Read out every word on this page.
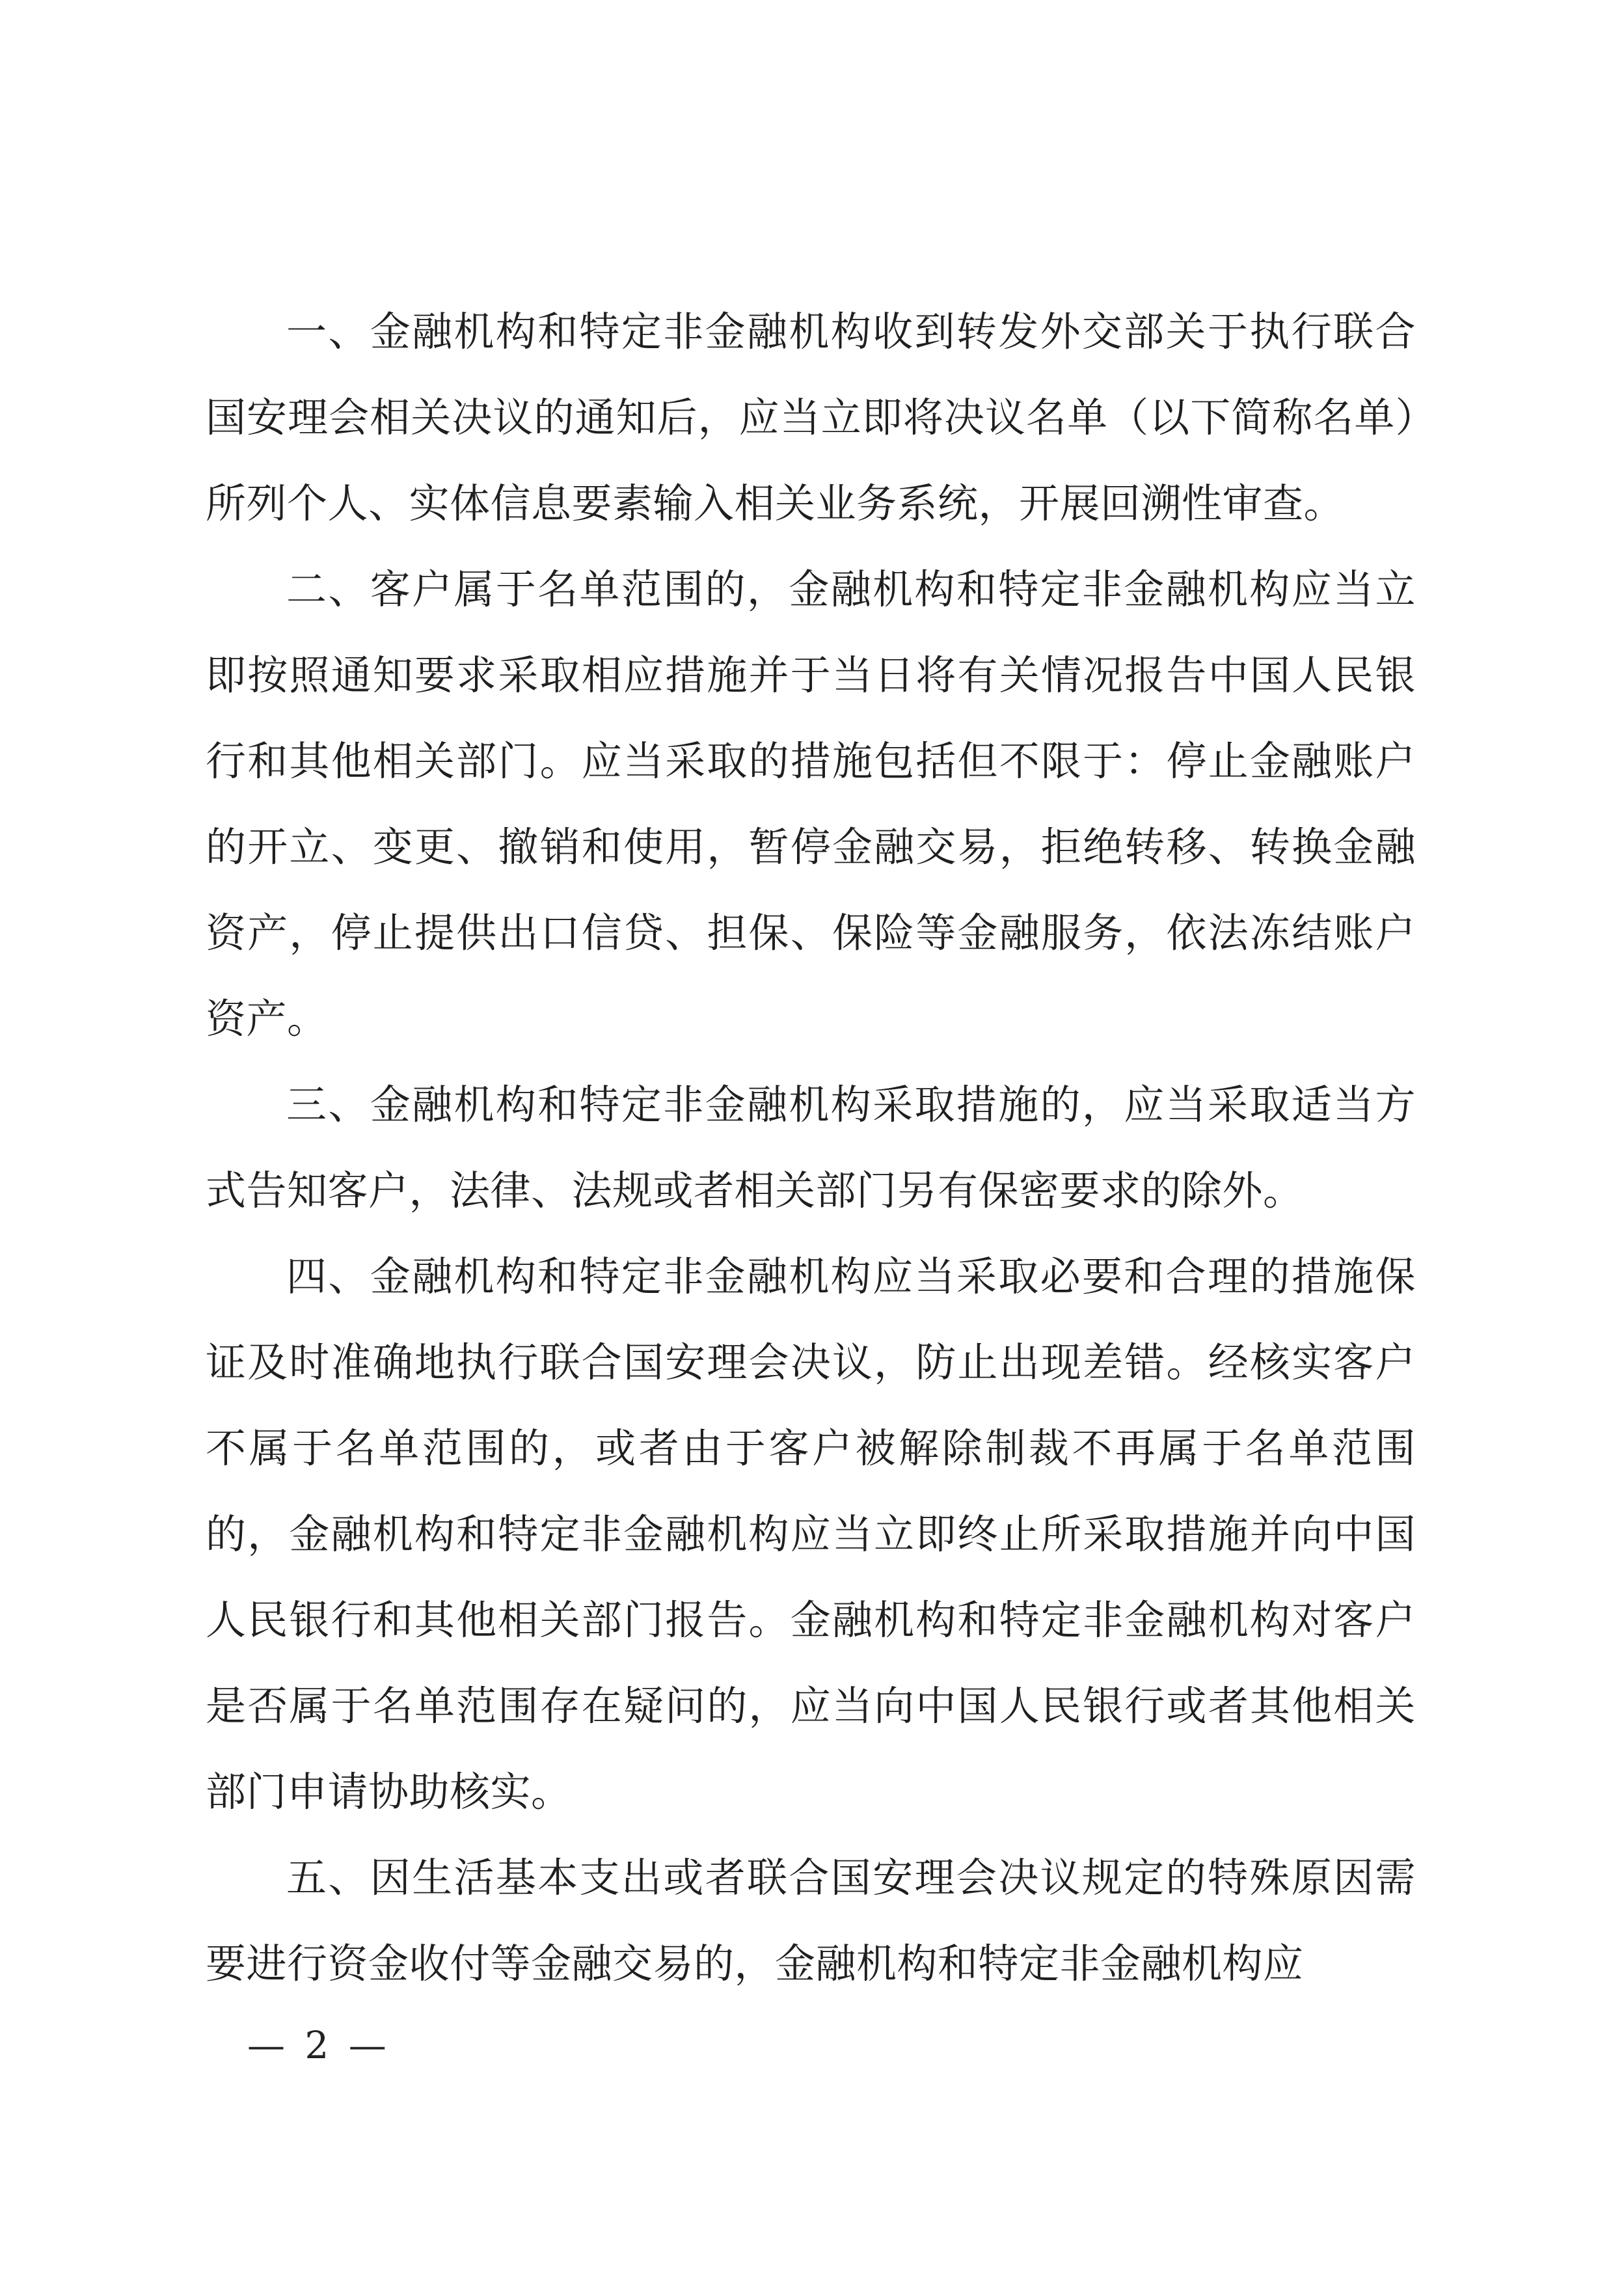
一、金融机构和特定非金融机构收到转发外交部关于执行联合国安理会相关决议的通知后，应当立即将决议名单（以下简称名单）所列个人、实体信息要素输入相关业务系统，开展回溯性审查。

二、客户属于名单范围的，金融机构和特定非金融机构应当立即按照通知要求采取相应措施并于当日将有关情况报告中国人民银行和其他相关部门。应当采取的措施包括但不限于：停止金融账户的开立、变更、撤销和使用，暂停金融交易，拒绝转移、转换金融资产，停止提供出口信贷、担保、保险等金融服务，依法冻结账户资产。

三、金融机构和特定非金融机构采取措施的，应当采取适当方式告知客户，法律、法规或者相关部门另有保密要求的除外。

四、金融机构和特定非金融机构应当采取必要和合理的措施保证及时准确地执行联合国安理会决议，防止出现差错。经核实客户不属于名单范围的，或者由于客户被解除制裁不再属于名单范围的，金融机构和特定非金融机构应当立即终止所采取措施并向中国人民银行和其他相关部门报告。金融机构和特定非金融机构对客户是否属于名单范围存在疑问的，应当向中国人民银行或者其他相关部门申请协助核实。

五、因生活基本支出或者联合国安理会决议规定的特殊原因需要进行资金收付等金融交易的，金融机构和特定非金融机构应

— 2 —
